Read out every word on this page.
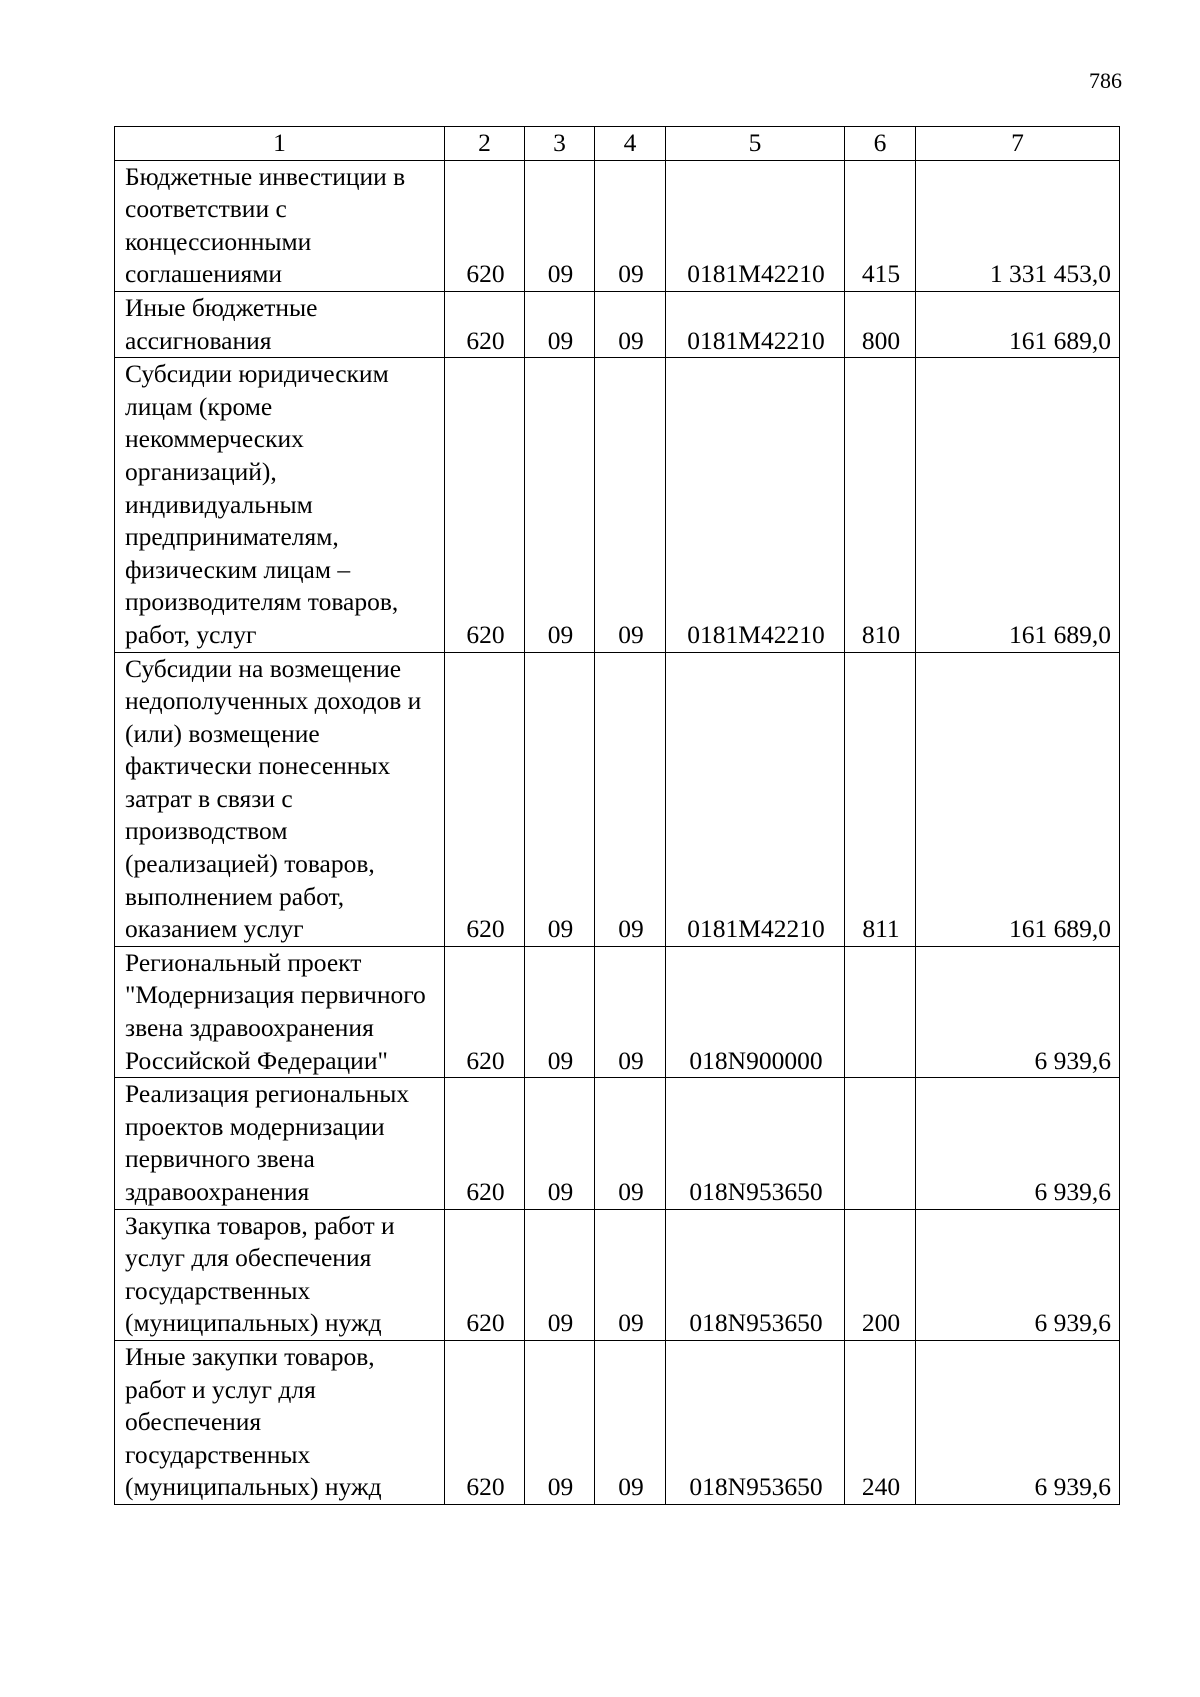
786
1	2	3	4	5	6	7
Бюджетные инвестиции в соответствии с концессионными соглашениями	620	09	09	0181M42210	415	1 331 453,0
Иные бюджетные ассигнования	620	09	09	0181M42210	800	161 689,0
Субсидии юридическим лицам (кроме некоммерческих организаций), индивидуальным предпринимателям, физическим лицам – производителям товаров, работ, услуг	620	09	09	0181M42210	810	161 689,0
Субсидии на возмещение недополученных доходов и (или) возмещение фактически понесенных затрат в связи с производством (реализацией) товаров, выполнением работ, оказанием услуг	620	09	09	0181M42210	811	161 689,0
Региональный проект "Модернизация первичного звена здравоохранения Российской Федерации"	620	09	09	018N900000		6 939,6
Реализация региональных проектов модернизации первичного звена здравоохранения	620	09	09	018N953650		6 939,6
Закупка товаров, работ и услуг для обеспечения государственных (муниципальных) нужд	620	09	09	018N953650	200	6 939,6
Иные закупки товаров, работ и услуг для обеспечения государственных (муниципальных) нужд	620	09	09	018N953650	240	6 939,6
